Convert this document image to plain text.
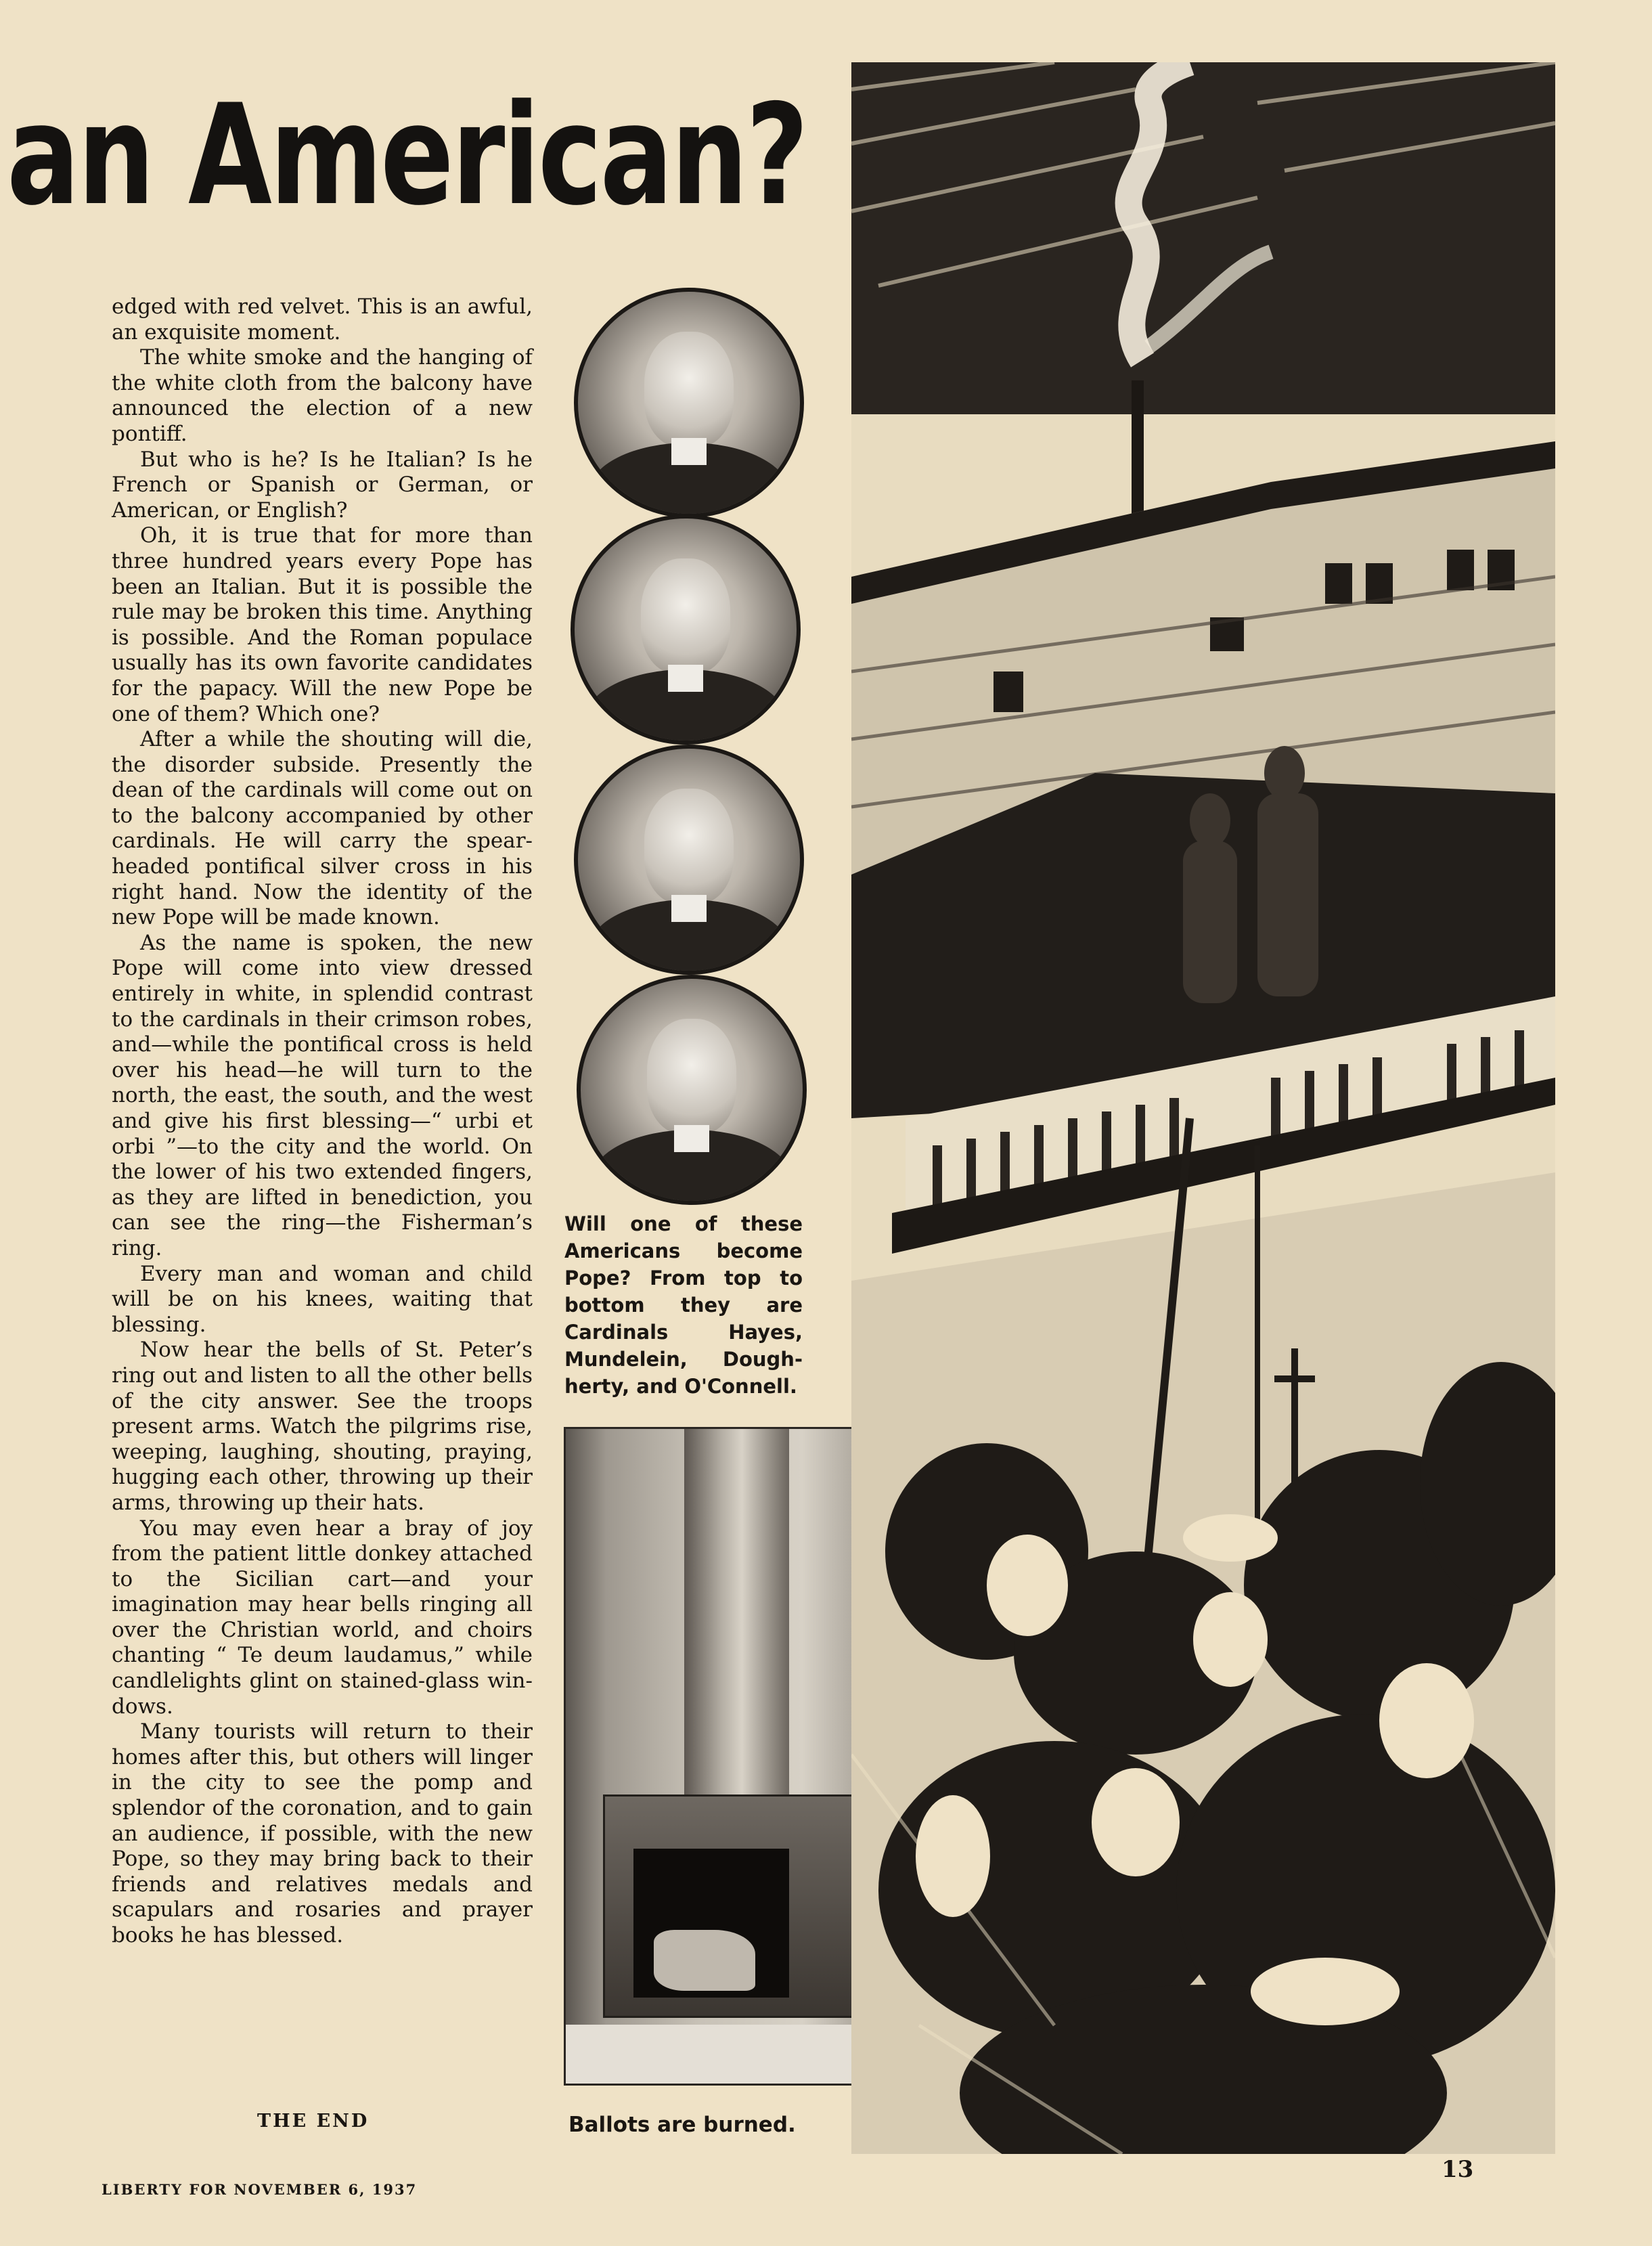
an American?

edged with red velvet. This is an awful, an exquisite moment.

The white smoke and the hanging of the white cloth from the balcony have announced the election of a new pontiff.

But who is he? Is he Italian? Is he French or Spanish or German, or American, or English?

Oh, it is true that for more than three hundred years every Pope has been an Italian. But it is possible the rule may be broken this time. Anything is possible. And the Roman populace usually has its own favorite candidates for the papacy. Will the new Pope be one of them? Which one?

After a while the shouting will die, the disorder subside. Presently the dean of the cardinals will come out on to the balcony accompanied by other cardinals. He will carry the spear-headed pontifical silver cross in his right hand. Now the identity of the new Pope will be made known.

As the name is spoken, the new Pope will come into view dressed entirely in white, in splendid contrast to the cardinals in their crimson robes, and—while the pontifical cross is held over his head—he will turn to the north, the east, the south, and the west and give his first blessing—“ urbi et orbi ”—to the city and the world. On the lower of his two extended fingers, as they are lifted in benediction, you can see the ring—the Fisherman’s ring.

Every man and woman and child will be on his knees, waiting that blessing.

Now hear the bells of St. Peter’s ring out and listen to all the other bells of the city answer. See the troops present arms. Watch the pilgrims rise, weeping, laughing, shouting, praying, hugging each other, throwing up their arms, throwing up their hats.

You may even hear a bray of joy from the patient little donkey attached to the Sicilian cart—and your imagination may hear bells ringing all over the Christian world, and choirs chanting “ Te deum laudamus,” while candlelights glint on stained-glass windows.

Many tourists will return to their homes after this, but others will linger in the city to see the pomp and splendor of the coronation, and to gain an audience, if possible, with the new Pope, so they may bring back to their friends and relatives medals and scapulars and rosaries and prayer books he has blessed.

THE END
Will one of these Americans become Pope? From top to bottom they are Cardinals Hayes, Mundelein, Doughherty, and O'Connell.
Ballots are burned.
LIBERTY FOR NOVEMBER 6, 1937
13
